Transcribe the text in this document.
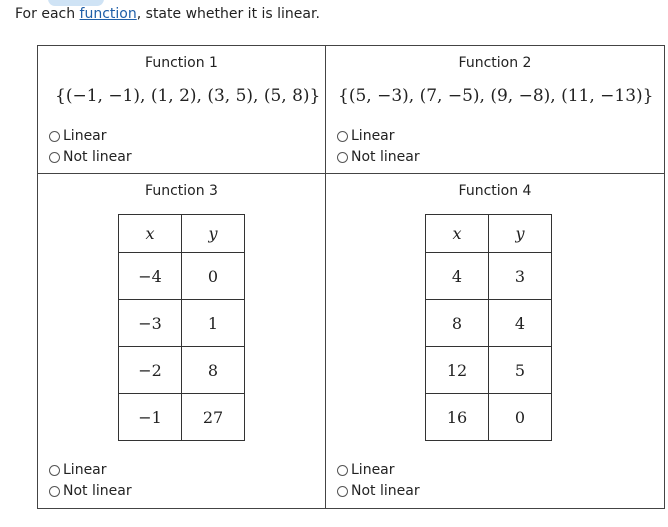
For each function, state whether it is linear.
Function 1
{(−1, −1), (1, 2), (3, 5), (5, 8)}
Linear
Not linear
Function 2
{(5, −3), (7, −5), (9, −8), (11, −13)}
Linear
Not linear
Function 3
x	y
−4	0
−3	1
−2	8
−1	27
Linear
Not linear
Function 4
x	y
4	3
8	4
12	5
16	0
Linear
Not linear
